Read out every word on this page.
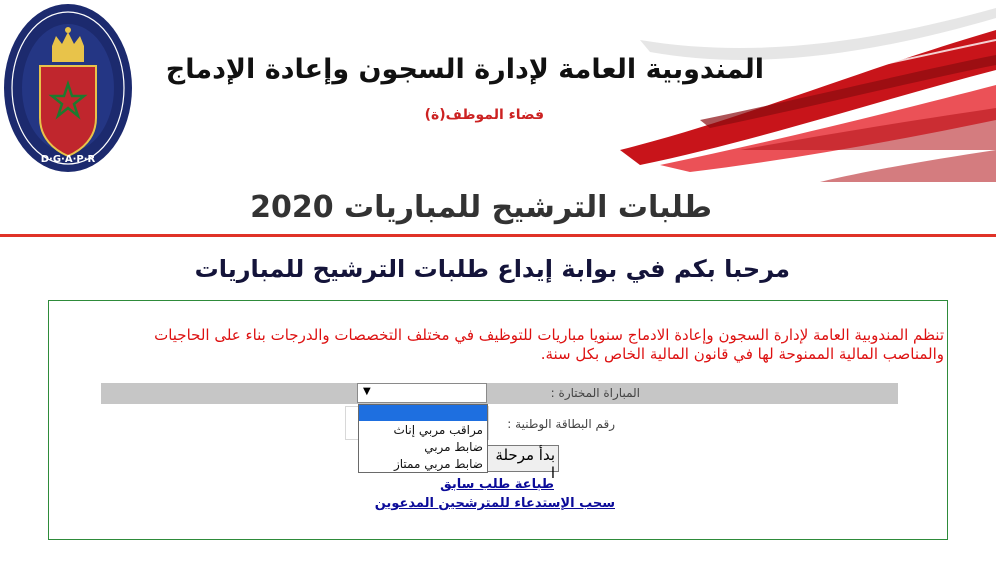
D·G·A·P·R
المندوبية العامة لإدارة السجون وإعادة الإدماج
فضاء الموظف(ة)
طلبات الترشيح للمباريات 2020
مرحبا بكم في بوابة إيداع طلبات الترشيح للمباريات
تنظم المندوبية العامة لإدارة السجون وإعادة الادماج سنويا مباريات للتوظيف في مختلف التخصصات والدرجات بناء على الحاجيات والمناصب المالية الممنوحة لها في قانون المالية الخاص بكل سنة.
المباراة المختارة :
▼
رقم البطاقة الوطنية :
مراقب مربي إناث
ضابط مربي
ضابط مربي ممتاز بدأ مرحلة ا
طباعة طلب سابق
سحب الإستدعاء للمترشحين المدعوين
